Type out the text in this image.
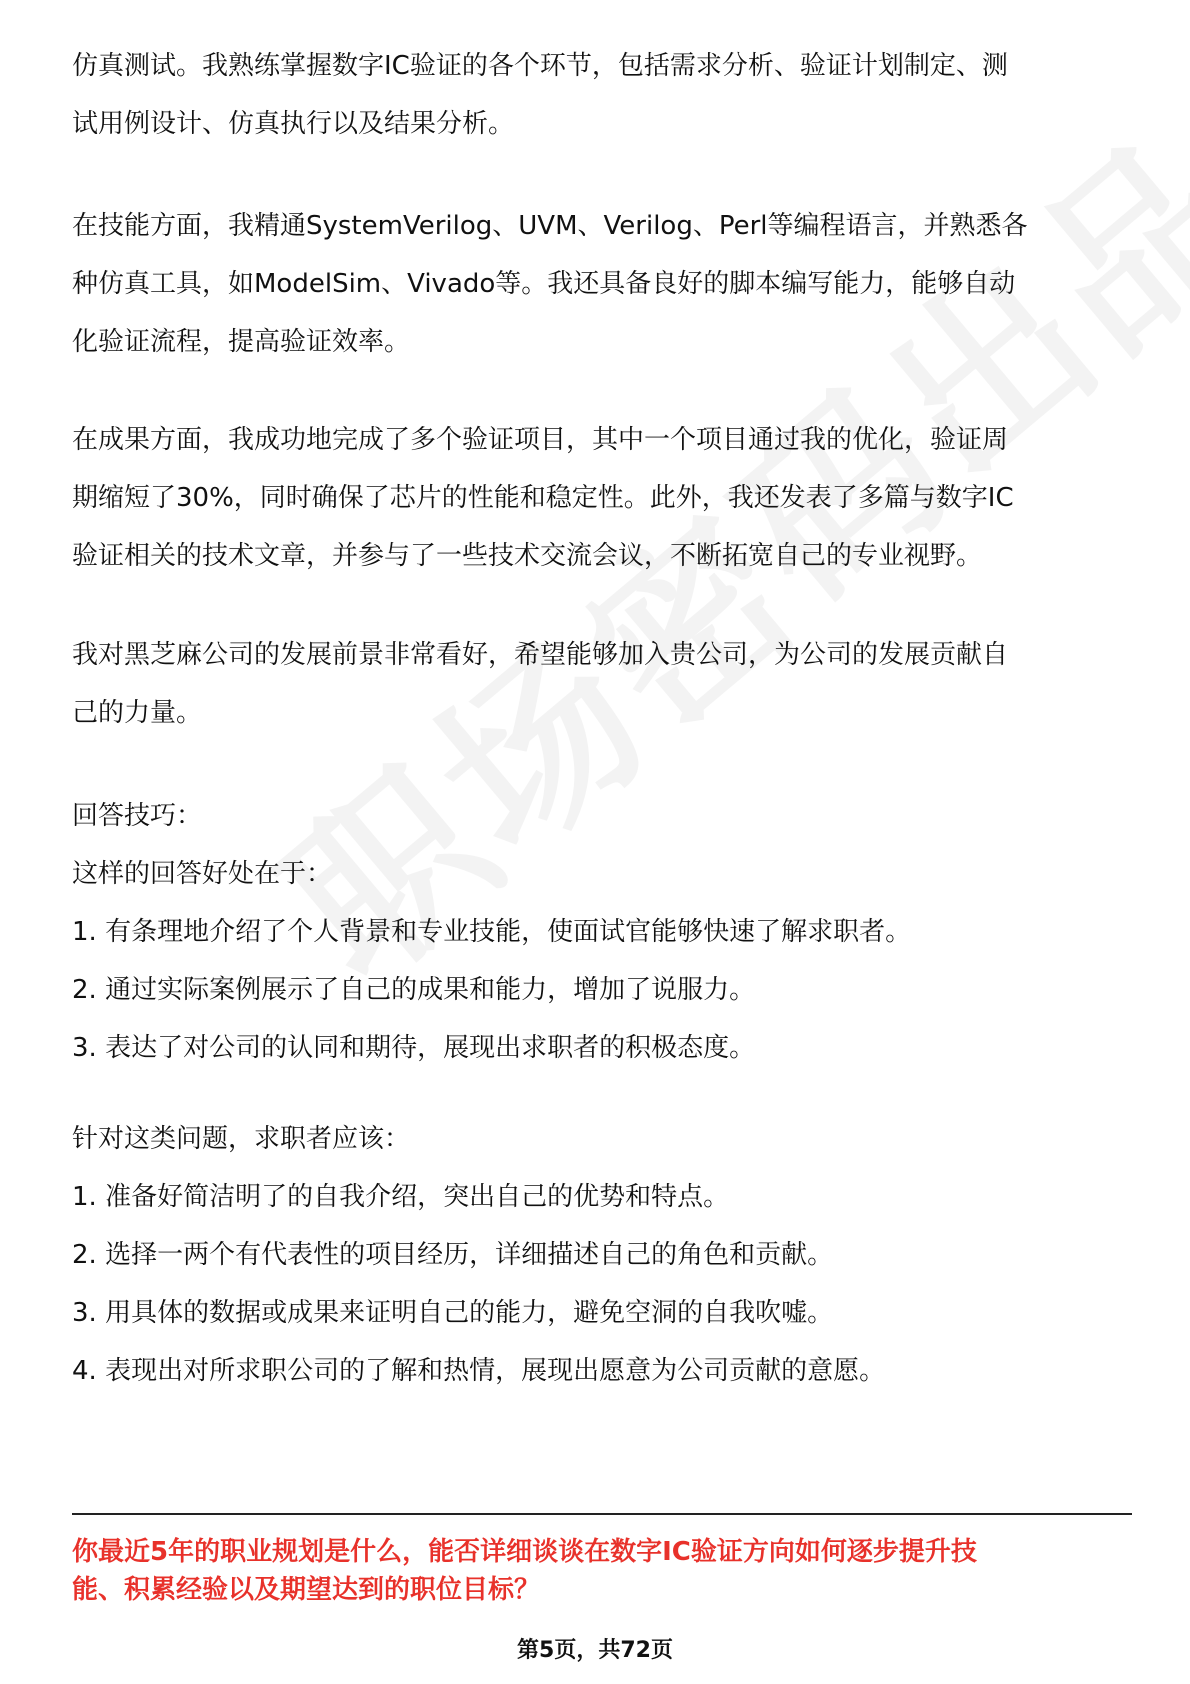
仿真测试。我熟练掌握数字IC验证的各个环节，包括需求分析、验证计划制定、测
试用例设计、仿真执行以及结果分析。
在技能方面，我精通SystemVerilog、UVM、Verilog、Perl等编程语言，并熟悉各
种仿真工具，如ModelSim、Vivado等。我还具备良好的脚本编写能力，能够自动
化验证流程，提高验证效率。
在成果方面，我成功地完成了多个验证项目，其中一个项目通过我的优化，验证周
期缩短了30%，同时确保了芯片的性能和稳定性。此外，我还发表了多篇与数字IC
验证相关的技术文章，并参与了一些技术交流会议，不断拓宽自己的专业视野。
我对黑芝麻公司的发展前景非常看好，希望能够加入贵公司，为公司的发展贡献自
己的力量。
回答技巧：
这样的回答好处在于：
1. 有条理地介绍了个人背景和专业技能，使面试官能够快速了解求职者。
2. 通过实际案例展示了自己的成果和能力，增加了说服力。
3. 表达了对公司的认同和期待，展现出求职者的积极态度。
针对这类问题，求职者应该：
1. 准备好简洁明了的自我介绍，突出自己的优势和特点。
2. 选择一两个有代表性的项目经历，详细描述自己的角色和贡献。
3. 用具体的数据或成果来证明自己的能力，避免空洞的自我吹嘘。
4. 表现出对所求职公司的了解和热情，展现出愿意为公司贡献的意愿。
你最近5年的职业规划是什么，能否详细谈谈在数字IC验证方向如何逐步提升技
能、积累经验以及期望达到的职位目标？
第5页，共72页
